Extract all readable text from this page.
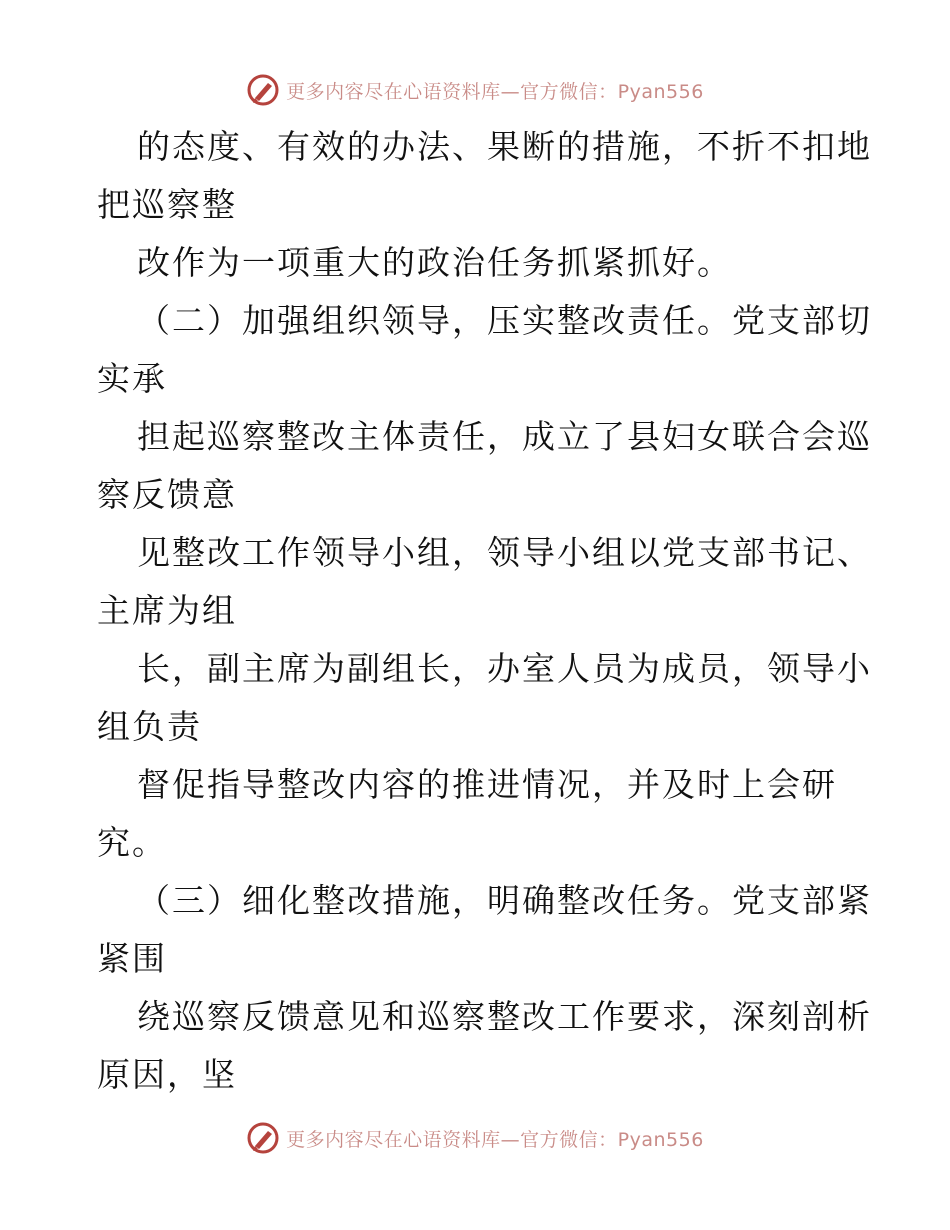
更多内容尽在心语资料库—官方微信：Pyan556
的态度、有效的办法、果断的措施，不折不扣地
把巡察整
改作为一项重大的政治任务抓紧抓好。
（二）加强组织领导，压实整改责任。党支部切
实承
担起巡察整改主体责任，成立了县妇女联合会巡
察反馈意
见整改工作领导小组，领导小组以党支部书记、
主席为组
长，副主席为副组长，办室人员为成员，领导小
组负责
督促指导整改内容的推进情况，并及时上会研
究。
（三）细化整改措施，明确整改任务。党支部紧
紧围
绕巡察反馈意见和巡察整改工作要求，深刻剖析
原因，坚
更多内容尽在心语资料库—官方微信：Pyan556
